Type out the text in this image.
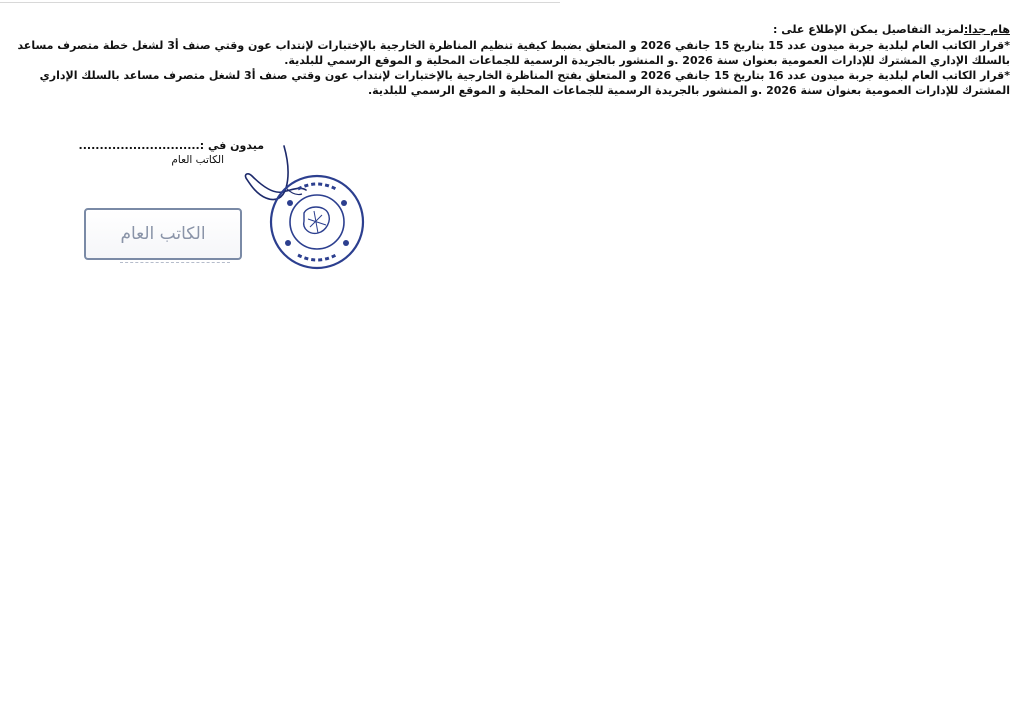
هام جدا:لمزيد التفاصيل يمكن الإطلاع على :

*قرار الكاتب العام لبلدية جربة ميدون عدد 15 بتاريخ 15 جانفي 2026 و المتعلق بضبط كيفية تنظيم المناظرة الخارجية بالإختبارات لإنتداب عون وقتي صنف أ3 لشغل خطة متصرف مساعد بالسلك الإداري المشترك للإدارات العمومية بعنوان سنة 2026 .و المنشور بالجريدة الرسمية للجماعات المحلية و الموقع الرسمي للبلدية.

*قرار الكاتب العام لبلدية جربة ميدون عدد 16 بتاريخ 15 جانفي 2026 و المتعلق بفتح المناظرة الخارجية بالإختبارات لإنتداب عون وقتي صنف أ3 لشغل متصرف مساعد بالسلك الإداري المشترك للإدارات العمومية بعنوان سنة 2026 .و المنشور بالجريدة الرسمية للجماعات المحلية و الموقع الرسمي للبلدية.

ميدون في :.............................
الكاتب العام
الكاتب العام
